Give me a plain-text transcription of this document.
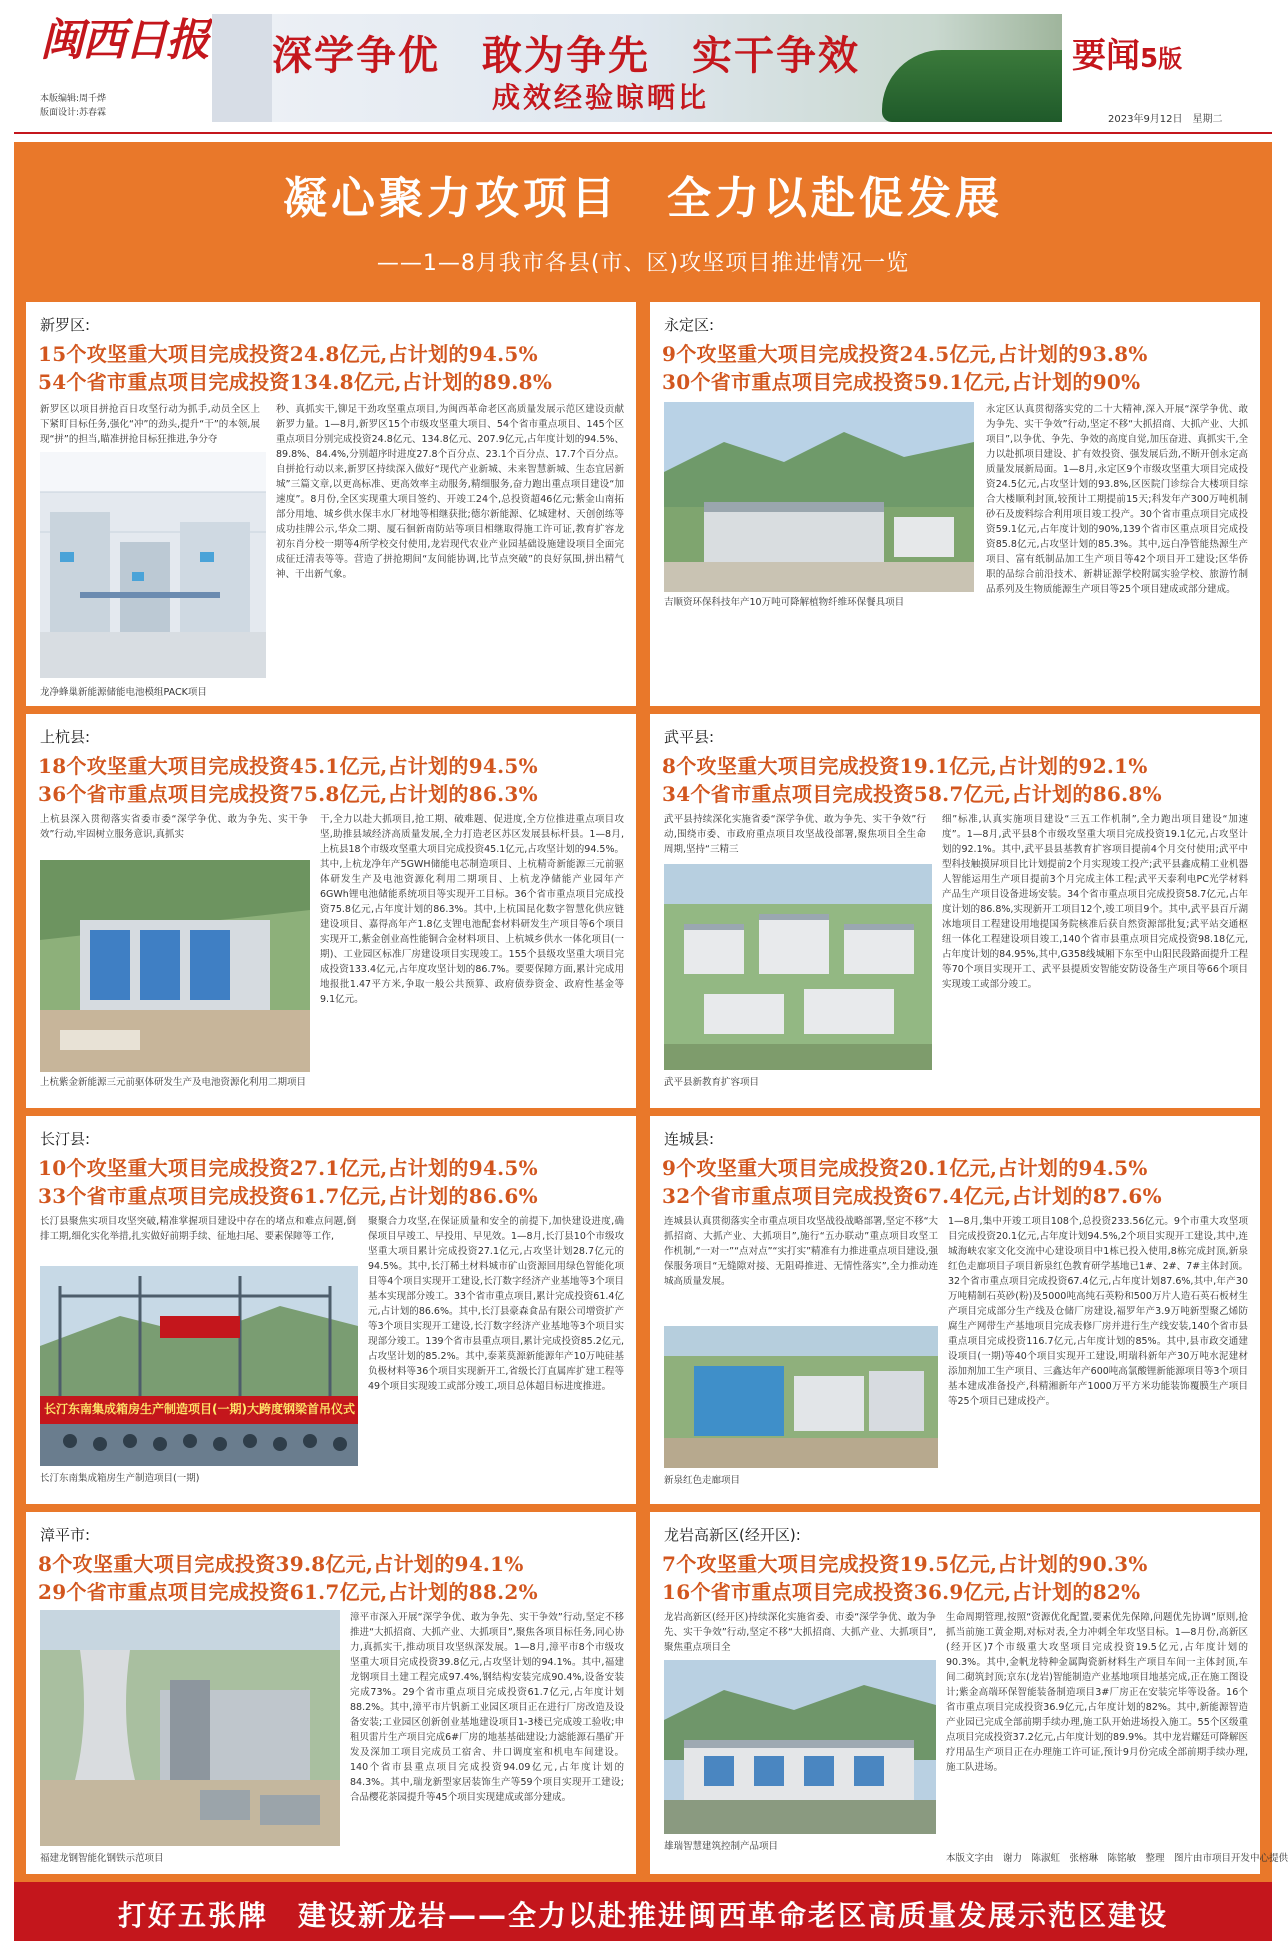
闽西日报
本版编辑:周千烨
版面设计:苏春霖
深学争优　敢为争先　实干争效
成效经验晾晒比
要闻5版
2023年9月12日　星期二
凝心聚力攻项目　全力以赴促发展
——1—8月我市各县(市、区)攻坚项目推进情况一览
新罗区:
15个攻坚重大项目完成投资24.8亿元,占计划的94.5%
54个省市重点项目完成投资134.8亿元,占计划的89.8%
新罗区以项目拼抢百日攻坚行动为抓手,动员全区上下紧盯目标任务,强化“冲”的劲头,提升“干”的本领,展现“拼”的担当,瞄准拼抢目标狂推进,争分夺
龙净蜂巢新能源储能电池模组PACK项目
秒、真抓实干,铆足干劲攻坚重点项目,为闽西革命老区高质量发展示范区建设贡献新罗力量。1—8月,新罗区15个市级攻坚重大项目、54个省市重点项目、145个区重点项目分别完成投资24.8亿元、134.8亿元、207.9亿元,占年度计划的94.5%、89.8%、84.4%,分别超序时进度27.8个百分点、23.1个百分点、17.7个百分点。自拼抢行动以来,新罗区持续深入做好“现代产业新城、未来智慧新城、生态宜居新城”三篇文章,以更高标准、更高效率主动服务,精细服务,奋力跑出重点项目建设“加速度”。8月份,全区实现重大项目签约、开竣工24个,总投资超46亿元;紫金山南拓部分用地、城乡供水保丰水厂材地等相继获批;德尔新能源、亿城建材、天创创练等成功挂牌公示,华众二期、厦石徊新南防站等项目相继取得施工许可证,教育扩容龙初东肖分校一期等4所学校交付使用,龙岩现代农业产业园基础设施建设项目全面完成征迁清表等等。营造了拼抢期间“友间能协调,比节点突破”的良好氛围,拼出精气神、干出新气象。
永定区:
9个攻坚重大项目完成投资24.5亿元,占计划的93.8%
30个省市重点项目完成投资59.1亿元,占计划的90%
吉顺资环保科技年产10万吨可降解植物纤维环保餐具项目
永定区认真贯彻落实党的二十大精神,深入开展“深学争优、敢为争先、实干争效”行动,坚定不移“大抓招商、大抓产业、大抓项目”,以争优、争先、争效的高度自觉,加压奋进、真抓实干,全力以赴抓项目建设、扩有效投资、强发展后劲,不断开创永定高质量发展新局面。1—8月,永定区9个市级攻坚重大项目完成投资24.5亿元,占攻坚计划的93.8%,区医院门诊综合大楼项目综合大楼顺利封顶,较预计工期提前15天;科发年产300万吨机制砂石及废料综合利用项目竣工投产。30个省市重点项目完成投资59.1亿元,占年度计划的90%,139个省市区重点项目完成投资85.8亿元,占攻坚计划的85.3%。其中,远白净管能热源生产项目、富有纸制品加工生产项目等42个项目开工建设;区华侨职的品综合前沿技术、新耕证源学校附属实验学校、旅游竹制品系列及生物质能源生产项目等25个项目建成或部分建成。
上杭县:
18个攻坚重大项目完成投资45.1亿元,占计划的94.5%
36个省市重点项目完成投资75.8亿元,占计划的86.3%
上杭县深入贯彻落实省委市委“深学争优、敢为争先、实干争效”行动,牢固树立服务意识,真抓实
上杭紫金新能源三元前驱体研发生产及电池资源化利用二期项目
干,全力以赴大抓项目,抢工期、破难题、促进度,全方位推进重点项目攻坚,助推县域经济高质量发展,全力打造老区苏区发展县标杆县。1—8月,上杭县18个市级攻坚重大项目完成投资45.1亿元,占攻坚计划的94.5%。其中,上杭龙净年产5GWH储能电芯制造项目、上杭精奇新能源三元前驱体研发生产及电池资源化利用二期项目、上杭龙净储能产业园年产6GWh锂电池储能系统项目等实现开工目标。36个省市重点项目完成投资75.8亿元,占年度计划的86.3%。其中,上杭国昆化数字智慧化供应链建设项目、嘉得高年产1.8亿支锂电池配套材料研发生产项目等6个项目实现开工,紫金创业高性能铜合金材料项目、上杭城乡供水一体化项目(一期)、工业园区标准厂房建设项目实现竣工。155个县级攻坚重大项目完成投资133.4亿元,占年度攻坚计划的86.7%。要要保障方面,累计完成用地报批1.47平方米,争取一般公共预算、政府债券资金、政府性基金等9.1亿元。
武平县:
8个攻坚重大项目完成投资19.1亿元,占计划的92.1%
34个省市重点项目完成投资58.7亿元,占计划的86.8%
武平县持续深化实施省委“深学争优、敢为争先、实干争效”行动,围绕市委、市政府重点项目攻坚战役部署,聚焦项目全生命周期,坚持“三精三
武平县新教育扩容项目
细”标准,认真实施项目建设“三五工作机制”,全力跑出项目建设“加速度”。1—8月,武平县8个市级攻坚重大项目完成投资19.1亿元,占攻坚计划的92.1%。其中,武平县县基教育扩容项目提前4个月交付使用;武平中型科技触摸屏项目比计划提前2个月实现竣工投产;武平县鑫成精工业机器人智能运用生产项目提前3个月完成主体工程;武平天泰利电PC光学材料产品生产项目设备进场安装。34个省市重点项目完成投资58.7亿元,占年度计划的86.8%,实现新开工项目12个,竣工项目9个。其中,武平县百斤湖冰地项目工程建设用地提国务院核准后获自然资源部批复;武平站交通枢纽一体化工程建设项目竣工,140个省市县重点项目完成投资98.18亿元,占年度计划的84.95%,其中,G358线城厢下东至中山阳民段路面提升工程等70个项目实现开工、武平县提质安智能安防设备生产项目等66个项目实现竣工或部分竣工。
长汀县:
10个攻坚重大项目完成投资27.1亿元,占计划的94.5%
33个省市重点项目完成投资61.7亿元,占计划的86.6%
长汀县聚焦实项目攻坚突破,精准掌握项目建设中存在的堵点和难点问题,倒排工期,细化实化举措,扎实做好前期手续、征地扫尾、要素保障等工作,
长汀东南集成箱房生产制造项目(一期)大跨度钢梁首吊仪式
长汀东南集成箱房生产制造项目(一期)
聚聚合力攻坚,在保证质量和安全的前提下,加快建设进度,确保项目早竣工、早投用、早见效。1—8月,长汀县10个市级攻坚重大项目累计完成投资27.1亿元,占攻坚计划28.7亿元的94.5%。其中,长汀稀土材料城市矿山资源回用绿色智能化项目等4个项目实现开工建设,长汀数字经济产业基地等3个项目基本实现部分竣工。33个省市重点项目,累计完成投资61.4亿元,占计划的86.6%。其中,长汀县豪森食品有限公司增资扩产等3个项目实现开工建设,长汀数字经济产业基地等3个项目实现部分竣工。139个省市县重点项目,累计完成投资85.2亿元,占攻坚计划的85.2%。其中,泰莱莫源新能源年产10万吨硅基负极材料等36个项目实现新开工,省级长汀直属库扩建工程等49个项目实现竣工或部分竣工,项目总体超目标进度推进。
连城县:
9个攻坚重大项目完成投资20.1亿元,占计划的94.5%
32个省市重点项目完成投资67.4亿元,占计划的87.6%
连城县认真贯彻落实全市重点项目攻坚战役战略部署,坚定不移“大抓招商、大抓产业、大抓项目”,施行“五办联动”重点项目攻坚工作机制,“一对一”“点对点”“实打实”精准有力推进重点项目建设,强保服务项目“无缝隙对接、无阻碍推进、无情性落实”,全力推动连城高质量发展。
新泉红色走廊项目
1—8月,集中开竣工项目108个,总投资233.56亿元。9个市重大攻坚项目完成投资20.1亿元,占年度计划94.5%,2个项目实现开工建设,其中,连城海峡农家文化交流中心建设项目中1栋已投入使用,8栋完成封顶,新泉红色走廊项目子项目新泉红色教育研学基地已1#、2#、7#主体封顶。32个省市重点项目完成投资67.4亿元,占年度计划87.6%,其中,年产30万吨精制石英砂(粉)及5000吨高纯石英粉和500万片人造石英石板材生产项目完成部分生产线及仓储厂房建设,福罗年产3.9万吨新型聚乙烯防腐生产网带生产基地项目完成表修厂房并进行生产线安装,140个省市县重点项目完成投资116.7亿元,占年度计划的85%。其中,县市政交通建设项目(一期)等40个项目实现开工建设,明瑞科新年产30万吨水泥建材添加剂加工生产项目、三鑫达年产600吨高氯酸锂新能源项目等3个项目基本建成准备投产,科精湘新年产1000万平方米功能装饰覆膜生产项目等25个项目已建成投产。
漳平市:
8个攻坚重大项目完成投资39.8亿元,占计划的94.1%
29个省市重点项目完成投资61.7亿元,占计划的88.2%
福建龙钢智能化钢铁示范项目
漳平市深入开展“深学争优、敢为争先、实干争效”行动,坚定不移推进“大抓招商、大抓产业、大抓项目”,聚焦各项目标任务,同心协力,真抓实干,推动项目攻坚纵深发展。1—8月,漳平市8个市级攻坚重大项目完成投资39.8亿元,占攻坚计划的94.1%。其中,福建龙钢项目土建工程完成97.4%,钢结构安装完成90.4%,设备安装完成73%。29个省市重点项目完成投资61.7亿元,占年度计划88.2%。其中,漳平市片钒新工业园区项目正在进行厂房改造及设备安装;工业园区创新创业基地建设项目1-3楼已完成竣工验收;申租贝雷片生产项目完成6#厂房的地基基础建设;力滤能源石墨矿开发及深加工项目完成员工宿舍、井口调度室和机电车间建设。140个省市县重点项目完成投资94.09亿元,占年度计划的84.3%。其中,瑞龙新型家居装饰生产等59个项目实现开工建设;合品樱花茶园提升等45个项目实现建成或部分建成。
龙岩高新区(经开区):
7个攻坚重大项目完成投资19.5亿元,占计划的90.3%
16个省市重点项目完成投资36.9亿元,占计划的82%
龙岩高新区(经开区)持续深化实施省委、市委“深学争优、敢为争先、实干争效”行动,坚定不移“大抓招商、大抓产业、大抓项目”,聚焦重点项目全
雄瑞智慧建筑控制产品项目
生命周期管理,按照“资源优化配置,要素优先保障,问题优先协调”原则,抢抓当前施工黄金期,对标对表,全力冲刺全年攻坚目标。1—8月份,高新区(经开区)7个市级重大攻坚项目完成投资19.5亿元,占年度计划的90.3%。其中,金帆龙特种金属陶瓷新材料生产项目车间一主体封顶,车间二砌筑封顶;京东(龙岩)智能制造产业基地项目地基完成,正在施工图设计;紫金高端环保智能装备制造项目3#厂房正在安装完毕等设备。16个省市重点项目完成投资36.9亿元,占年度计划的82%。其中,新能源智造产业园已完成全部前期手续办理,施工队开始进场投入施工。55个区级重点项目完成投资37.2亿元,占年度计划的89.9%。其中龙岩耀廷可降解医疗用品生产项目正在办理施工许可证,预计9月份完成全部前期手续办理,施工队进场。
本版文字由　谢力　陈淑虹　张榕琳　陈铭敏　整理　图片由市项目开发中心提供
打好五张牌　建设新龙岩——全力以赴推进闽西革命老区高质量发展示范区建设
